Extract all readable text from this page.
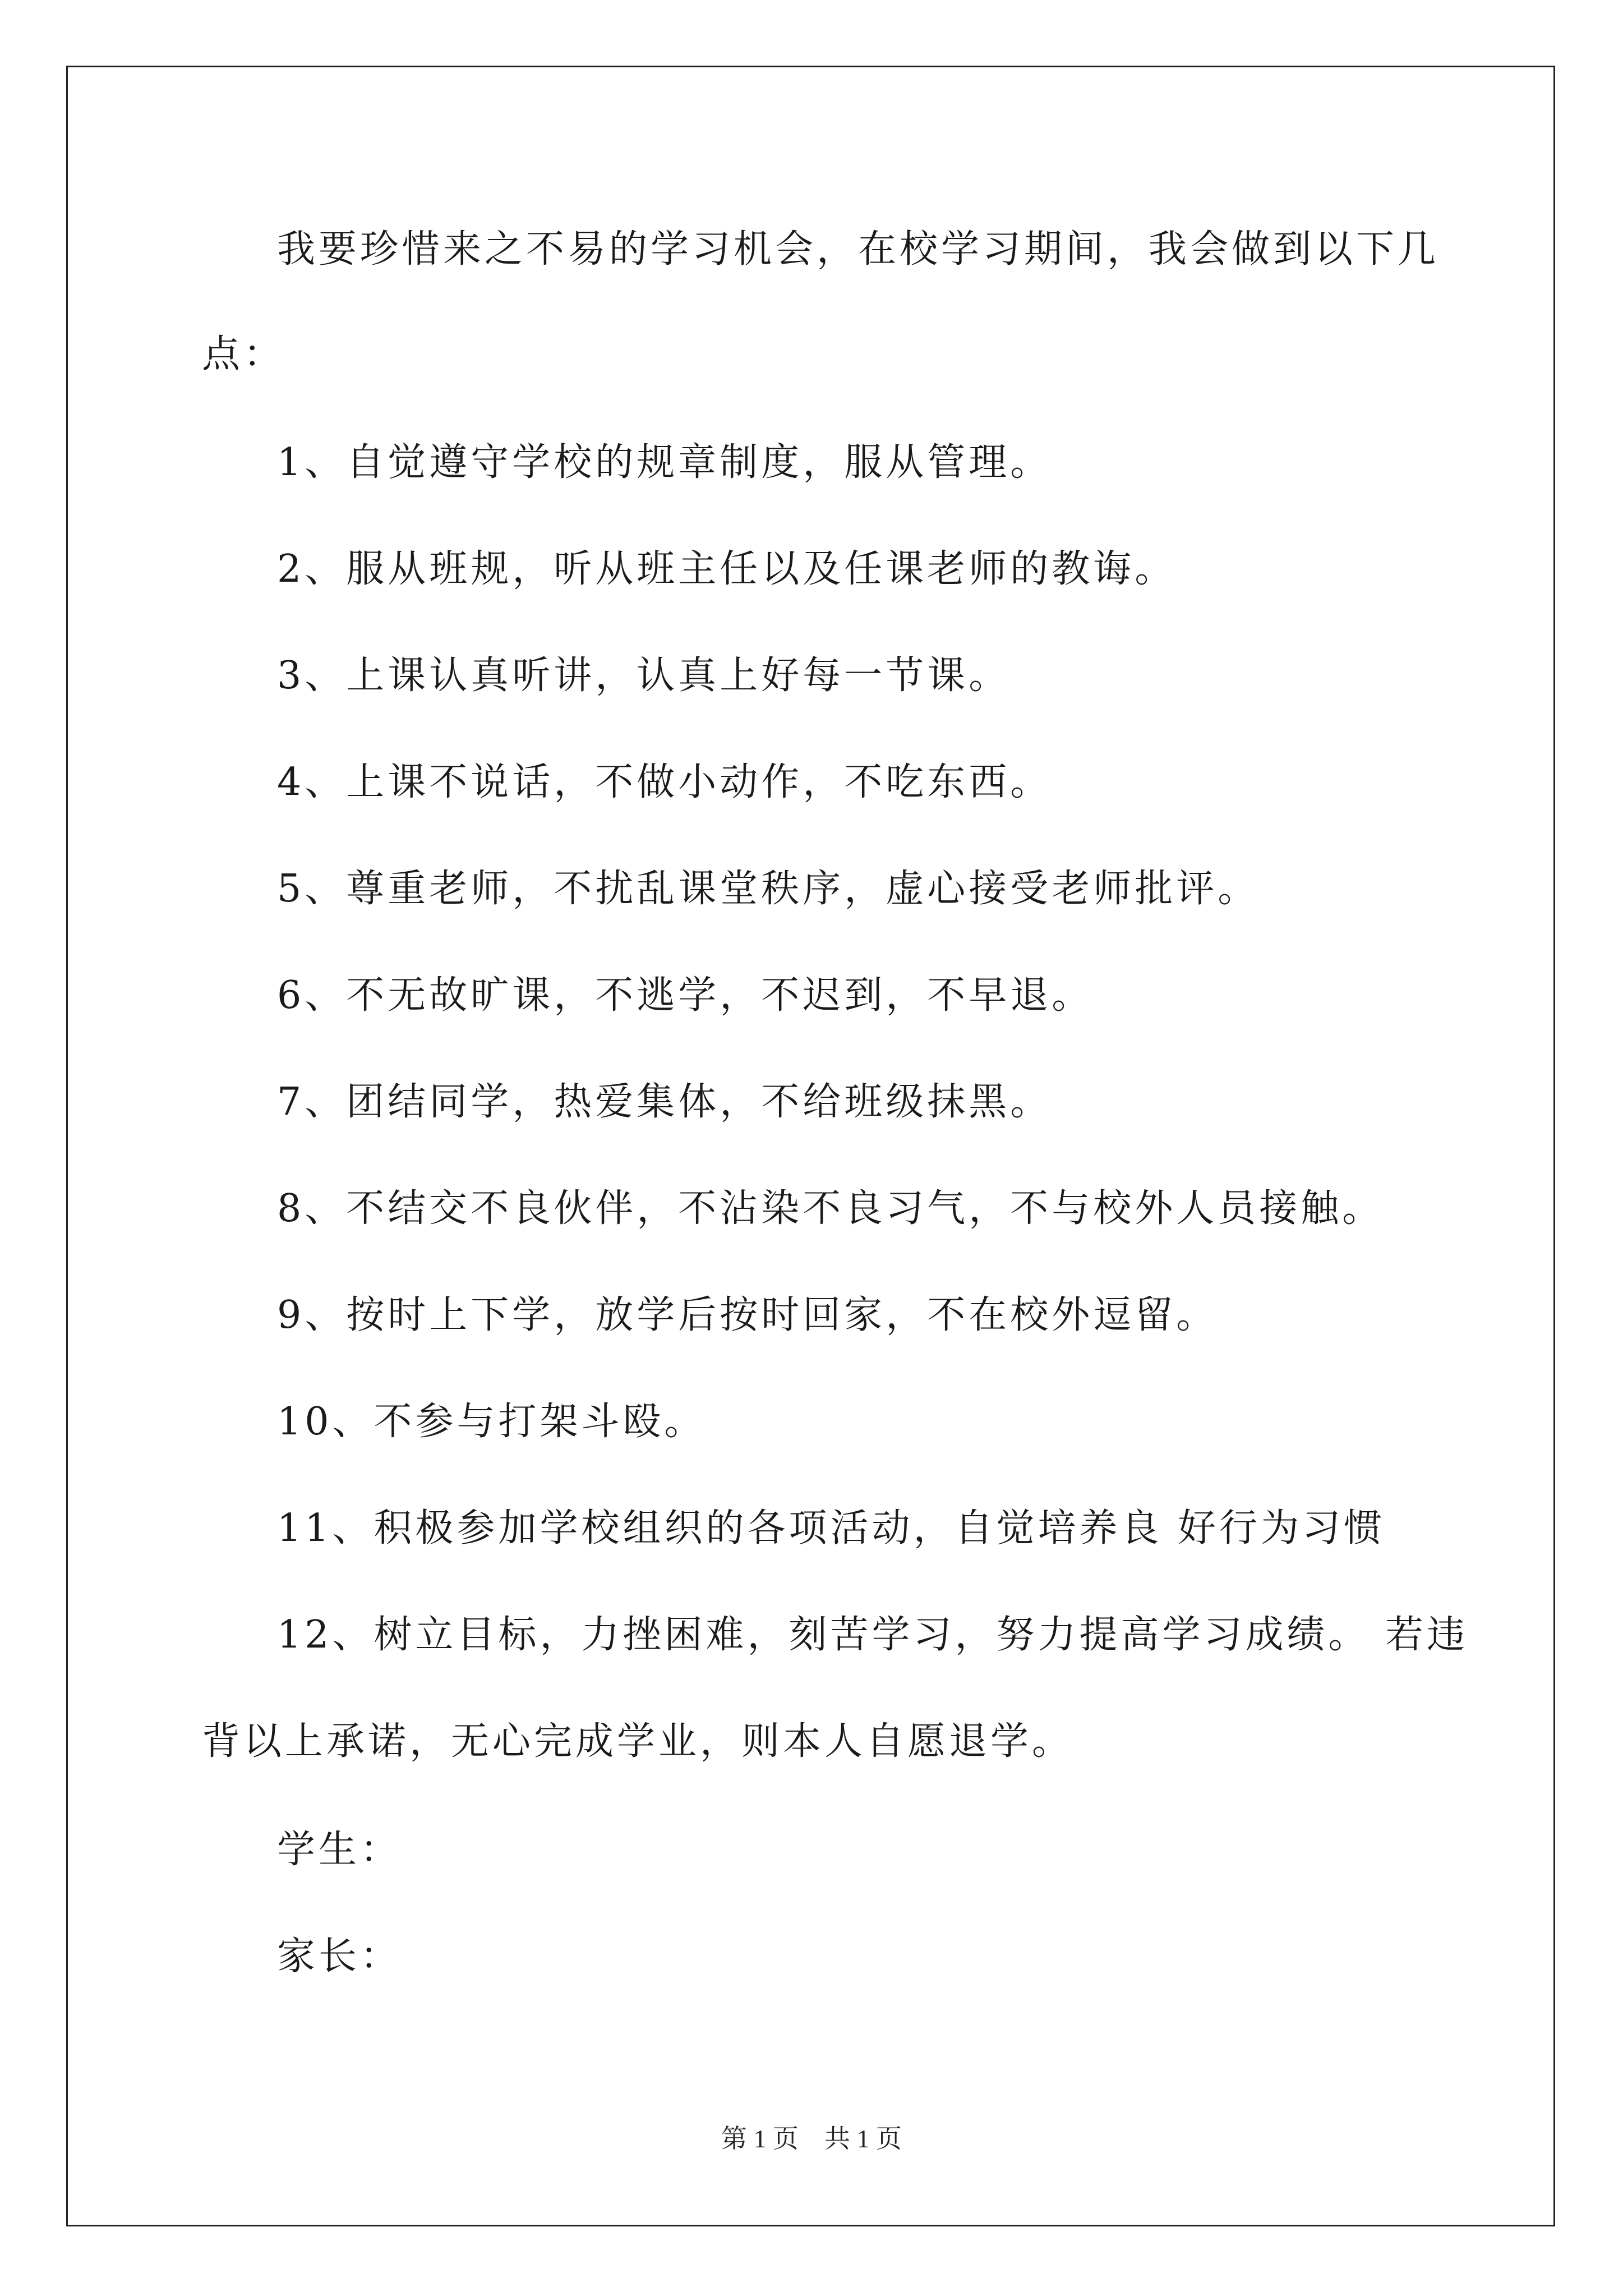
我要珍惜来之不易的学习机会，在校学习期间，我会做到以下几
点：
1、自觉遵守学校的规章制度，服从管理。
2、服从班规，听从班主任以及任课老师的教诲。
3、上课认真听讲，认真上好每一节课。
4、上课不说话，不做小动作，不吃东西。
5、尊重老师，不扰乱课堂秩序，虚心接受老师批评。
6、不无故旷课，不逃学，不迟到，不早退。
7、团结同学，热爱集体，不给班级抹黑。
8、不结交不良伙伴，不沾染不良习气，不与校外人员接触。
9、按时上下学，放学后按时回家，不在校外逗留。
10、不参与打架斗殴。
11、积极参加学校组织的各项活动，自觉培养良 好行为习惯
12、树立目标，力挫困难，刻苦学习，努力提高学习成绩。 若违
背以上承诺，无心完成学业，则本人自愿退学。
学生：
家长：
第 1 页　共 1 页
